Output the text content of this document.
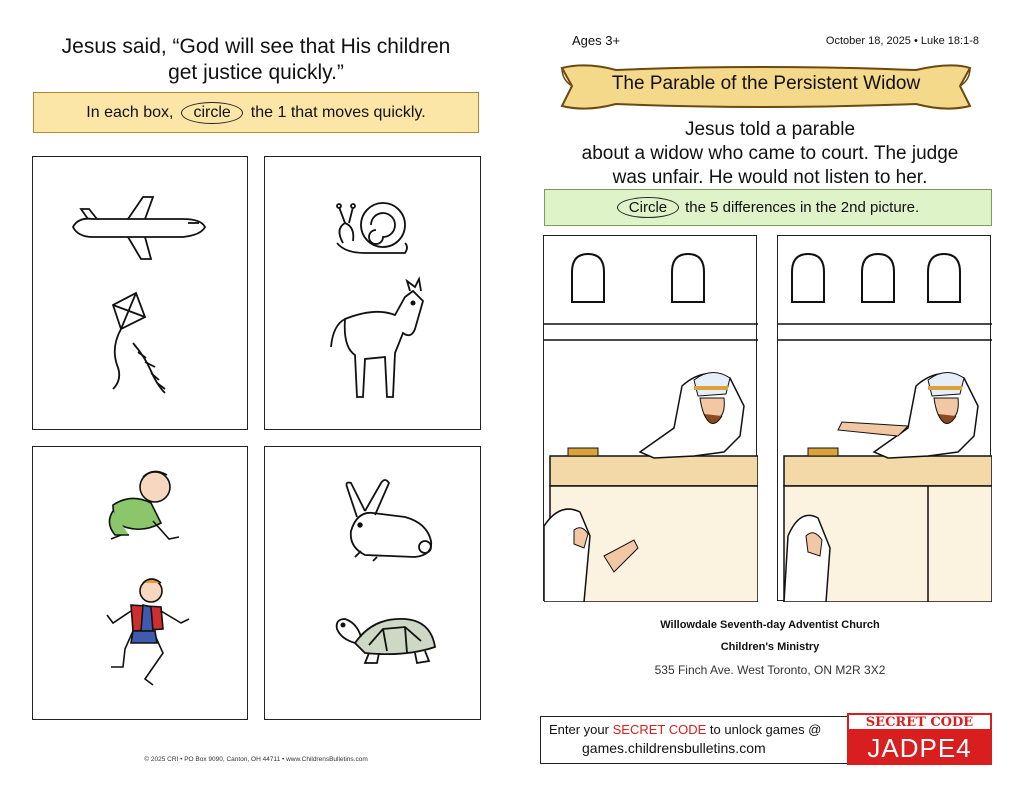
Jesus said, “God will see that His children
get justice quickly.”
In each box,	circle	the 1 that moves quickly.
© 2025 CRI • PO Box 9090, Canton, OH 44711 • www.ChildrensBulletins.com
Ages 3+	October 18, 2025 • Luke 18:1-8
The Parable of the Persistent Widow
Jesus told a parable
about a widow who came to court. The judge
was unfair. He would not listen to her.
Circle	the 5 differences in the 2nd picture.
Willowdale Seventh-day Adventist Church
Children's Ministry
535 Finch Ave. West Toronto, ON M2R 3X2
Enter your SECRET CODE to unlock games @
games.childrensbulletins.com
SECRET CODE
JADPE4
